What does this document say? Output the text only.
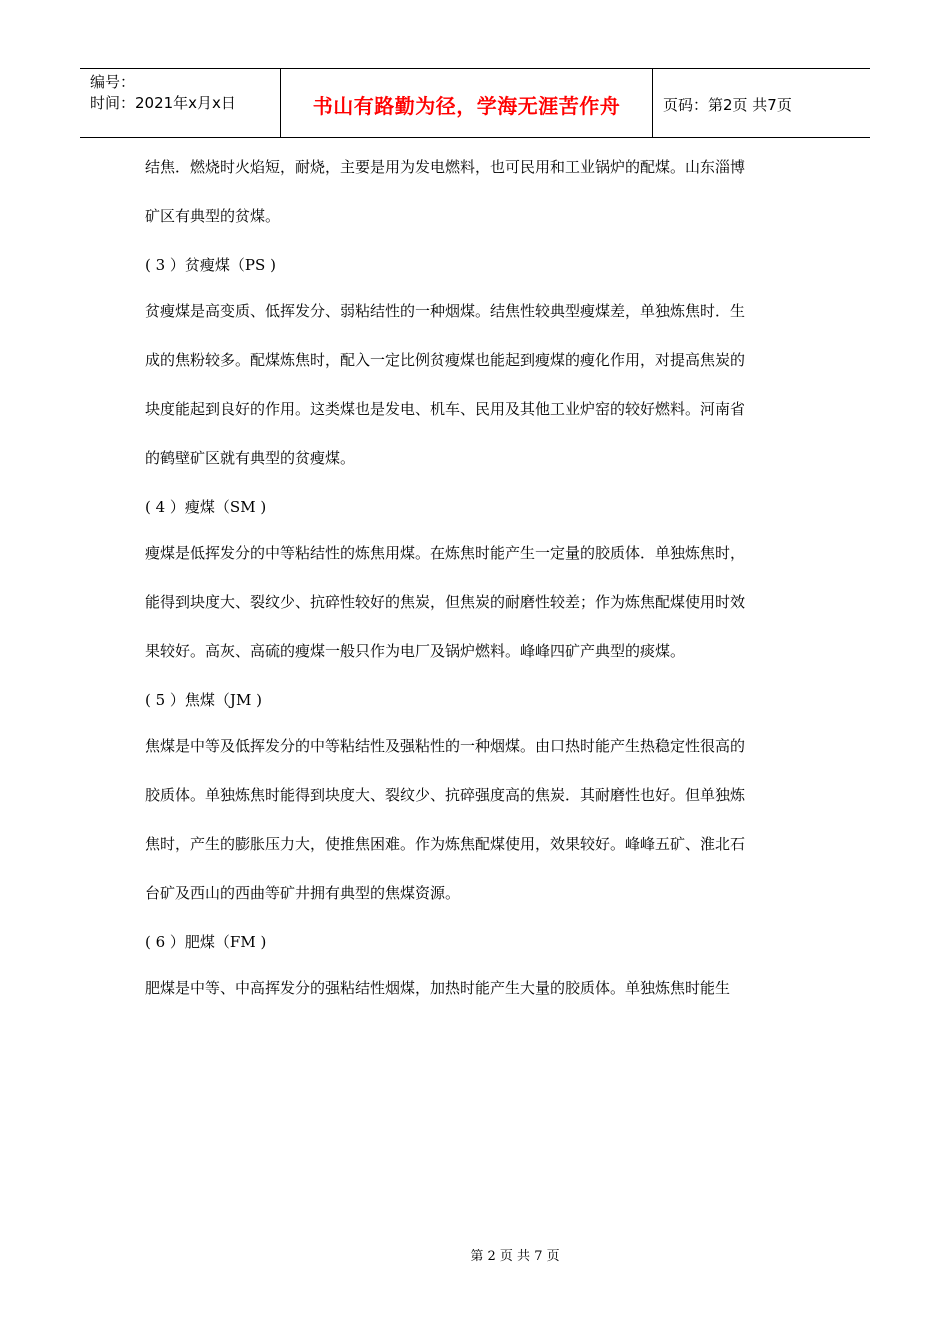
编号：
时间：2021年x月x日	书山有路勤为径，学海无涯苦作舟	页码：第2页 共7页

结焦．燃烧时火焰短，耐烧，主要是用为发电燃料，也可民用和工业锅炉的配煤。山东淄博

矿区有典型的贫煤。

( 3 ）贫瘦煤（PS )

贫瘦煤是高变质、低挥发分、弱粘结性的一种烟煤。结焦性较典型瘦煤差，单独炼焦时．生

成的焦粉较多。配煤炼焦时，配入一定比例贫瘦煤也能起到瘦煤的瘦化作用，对提高焦炭的

块度能起到良好的作用。这类煤也是发电、机车、民用及其他工业炉窑的较好燃料。河南省

的鹤壁矿区就有典型的贫瘦煤。

( 4 ）瘦煤（SM )

瘦煤是低挥发分的中等粘结性的炼焦用煤。在炼焦时能产生一定量的胶质体．单独炼焦时，

能得到块度大、裂纹少、抗碎性较好的焦炭，但焦炭的耐磨性较差；作为炼焦配煤使用时效

果较好。高灰、高硫的瘦煤一般只作为电厂及锅炉燃料。峰峰四矿产典型的痰煤。

( 5 ）焦煤（JM )

焦煤是中等及低挥发分的中等粘结性及强粘性的一种烟煤。由口热时能产生热稳定性很高的

胶质体。单独炼焦时能得到块度大、裂纹少、抗碎强度高的焦炭．其耐磨性也好。但单独炼

焦时，产生的膨胀压力大，使推焦困难。作为炼焦配煤使用，效果较好。峰峰五矿、淮北石

台矿及西山的西曲等矿井拥有典型的焦煤资源。

( 6 ）肥煤（FM )

肥煤是中等、中高挥发分的强粘结性烟煤，加热时能产生大量的胶质体。单独炼焦时能生

第 2 页 共 7 页
